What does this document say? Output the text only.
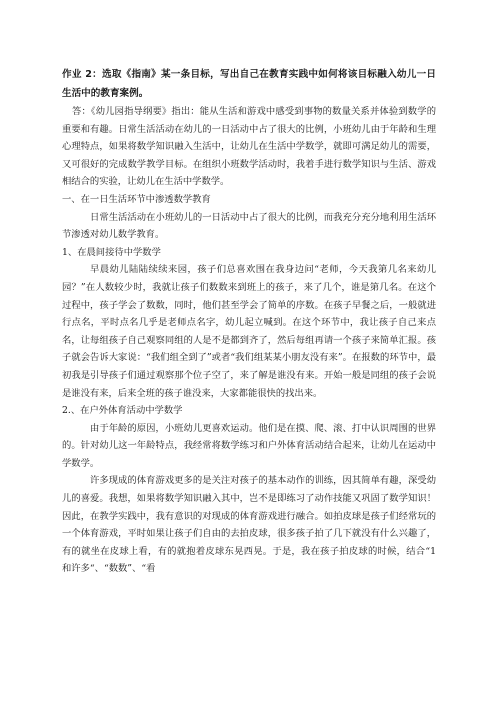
作业 2：选取《指南》某一条目标，写出自己在教育实践中如何将该目标融入幼儿一日生活中的教育案例。

答：《幼儿园指导纲要》指出：能从生活和游戏中感受到事物的数量关系并体验到数学的重要和有趣。日常生活活动在幼儿的一日活动中占了很大的比例，小班幼儿由于年龄和生理心理特点，如果将数学知识融入生活中，让幼儿在生活中学数学，就即可满足幼儿的需要，又可很好的完成数学教学目标。在组织小班数学活动时，我着手进行数学知识与生活、游戏相结合的实验，让幼儿在生活中学数学。

一、在一日生活环节中渗透数学教育

日常生活活动在小班幼儿的一日活动中占了很大的比例，而我充分充分地利用生活环节渗透对幼儿数学教育。

1、在晨间接待中学数学

早晨幼儿陆陆续续来园，孩子们总喜欢围在我身边问“老师，今天我第几名来幼儿园？”在人数较少时，我就让孩子们数数来到班上的孩子，来了几个，谁是第几名。在这个过程中，孩子学会了数数，同时，他们甚至学会了简单的序数。在孩子早餐之后，一般就进行点名，平时点名几乎是老师点名字，幼儿起立喊到。在这个环节中，我让孩子自己来点名，让每组孩子自己观察同组的人是不是都到齐了，然后每组再请一个孩子来简单汇报。孩子就会告诉大家说：“我们组全到了”或者“我们组某某小朋友没有来”。在报数的环节中，最初我是引导孩子们通过观察那个位子空了，来了解是谁没有来。开始一般是同组的孩子会说是谁没有来，后来全班的孩子谁没来，大家都能很快的找出来。

2.、在户外体育活动中学数学

由于年龄的原因，小班幼儿更喜欢运动。他们是在摸、爬、滚、打中认识周围的世界的。针对幼儿这一年龄特点，我经常将数学练习和户外体育活动结合起来，让幼儿在运动中学数学。

许多现成的体育游戏更多的是关注对孩子的基本动作的训练，因其简单有趣，深受幼儿的喜爱。我想，如果将数学知识融入其中，岂不是即练习了动作技能又巩固了数学知识！因此，在教学实践中，我有意识的对现成的体育游戏进行融合。如拍皮球是孩子们经常玩的一个体育游戏，平时如果让孩子们自由的去拍皮球，很多孩子拍了几下就没有什么兴趣了，有的就坐在皮球上看，有的就抱着皮球东晃西晃。于是，我在孩子拍皮球的时候，结合“1 和许多“、“数数”、“看
